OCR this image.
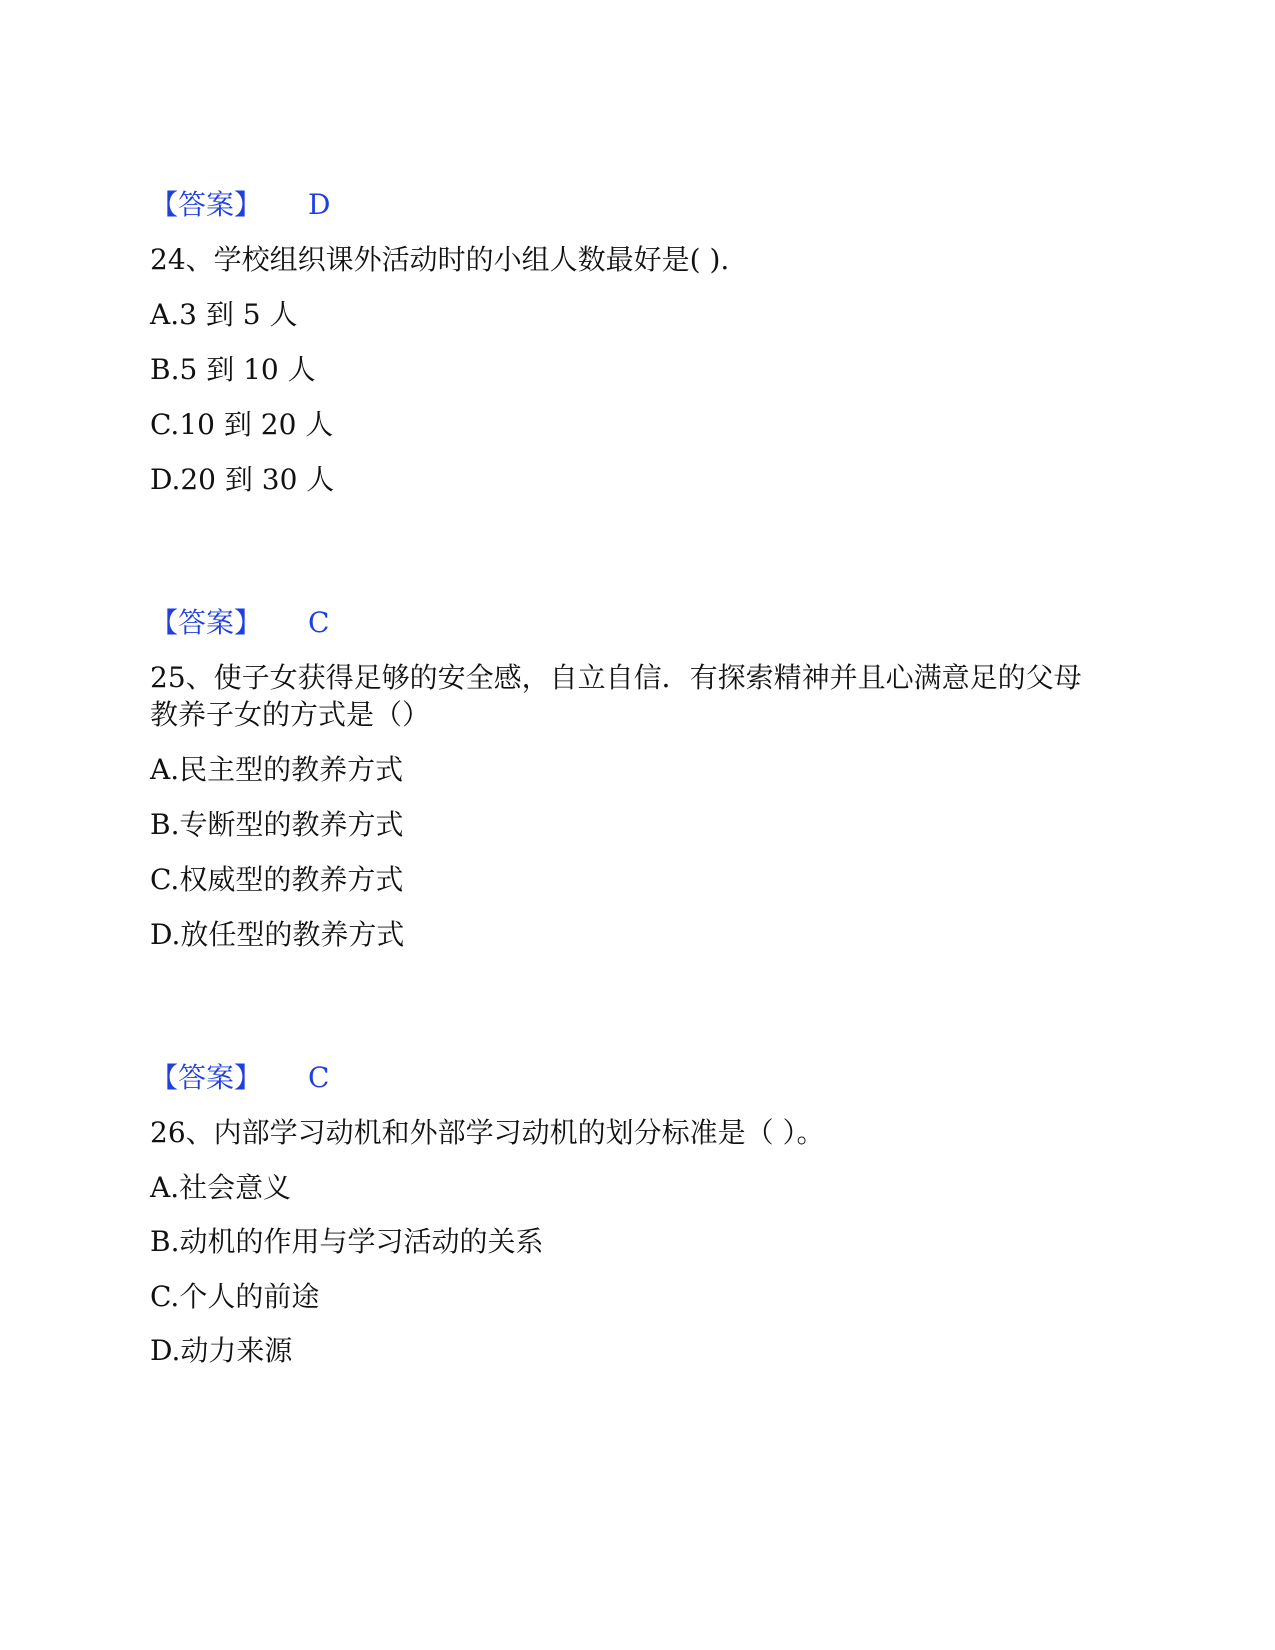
【答案】 D
24、学校组织课外活动时的小组人数最好是( ).
A.3 到 5 人
B.5 到 10 人
C.10 到 20 人
D.20 到 30 人
【答案】 C
25、使子女获得足够的安全感，自立自信．有探索精神并且心满意足的父母
教养子女的方式是（）
A.民主型的教养方式
B.专断型的教养方式
C.权威型的教养方式
D.放任型的教养方式
【答案】 C
26、内部学习动机和外部学习动机的划分标准是（ ）。
A.社会意义
B.动机的作用与学习活动的关系
C.个人的前途
D.动力来源
